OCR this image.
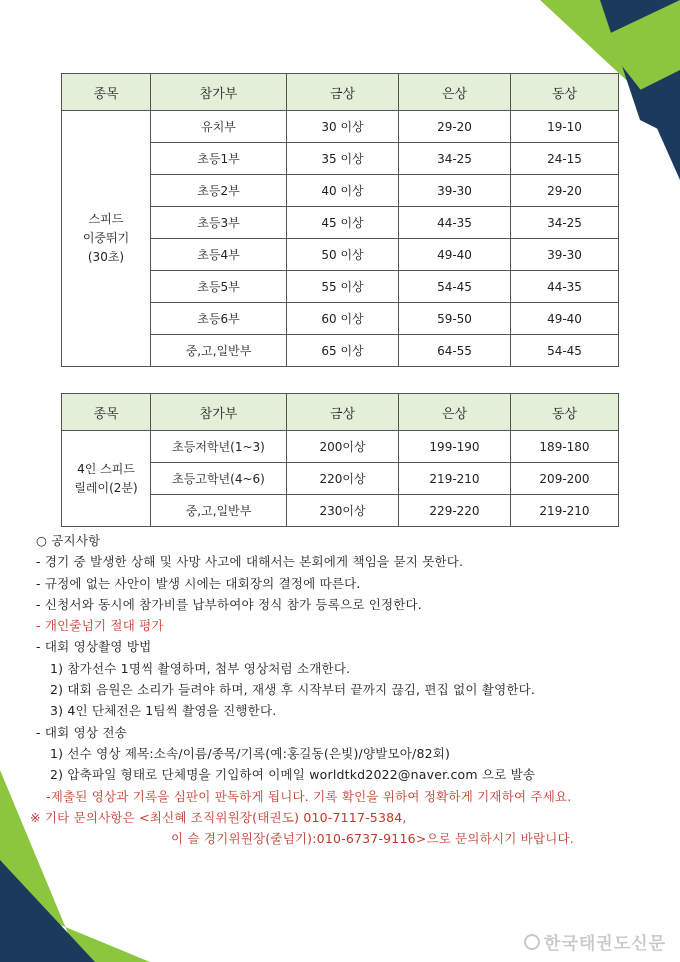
종목	참가부	금상	은상	동상

스피드
이중뛰기
(30초)	유치부	30 이상	29-20	19-10
	초등1부	35 이상	34-25	24-15
	초등2부	40 이상	39-30	29-20
	초등3부	45 이상	44-35	34-25
	초등4부	50 이상	49-40	39-30
	초등5부	55 이상	54-45	44-35
	초등6부	60 이상	59-50	49-40
	중,고,일반부	65 이상	64-55	54-45
종목	참가부	금상	은상	동상

4인 스피드
릴레이(2분)	초등저학년(1~3)	200이상	199-190	189-180
	초등고학년(4~6)	220이상	219-210	209-200
	중,고,일반부	230이상	229-220	219-210
○ 공지사항
- 경기 중 발생한 상해 및 사망 사고에 대해서는 본회에게 책임을 묻지 못한다.
- 규정에 없는 사안이 발생 시에는 대회장의 결정에 따른다.
- 신청서와 동시에 참가비를 납부하여야 정식 참가 등록으로 인정한다.
- 개인줄넘기 절대 평가
- 대회 영상촬영 방법
1) 참가선수 1명씩 촬영하며, 첨부 영상처럼 소개한다.
2) 대회 음원은 소리가 들려야 하며, 재생 후 시작부터 끝까지 끊김, 편집 없이 촬영한다.
3) 4인 단체전은 1팀씩 촬영을 진행한다.
- 대회 영상 전송
1) 선수 영상 제목:소속/이름/종목/기록(예:홍길동(은빛)/양발모아/82회)
2) 압축파일 형태로 단체명을 기입하여 이메일 worldtkd2022@naver.com 으로 발송
-제출된 영상과 기록을 심판이 판독하게 됩니다. 기록 확인을 위하여 정확하게 기재하여 주세요.
※ 기타 문의사항은 <최신혜 조직위원장(태권도) 010-7117-5384,
이 슬 경기위원장(줄넘기):010-6737-9116>으로 문의하시기 바랍니다.
한국태권도신문
